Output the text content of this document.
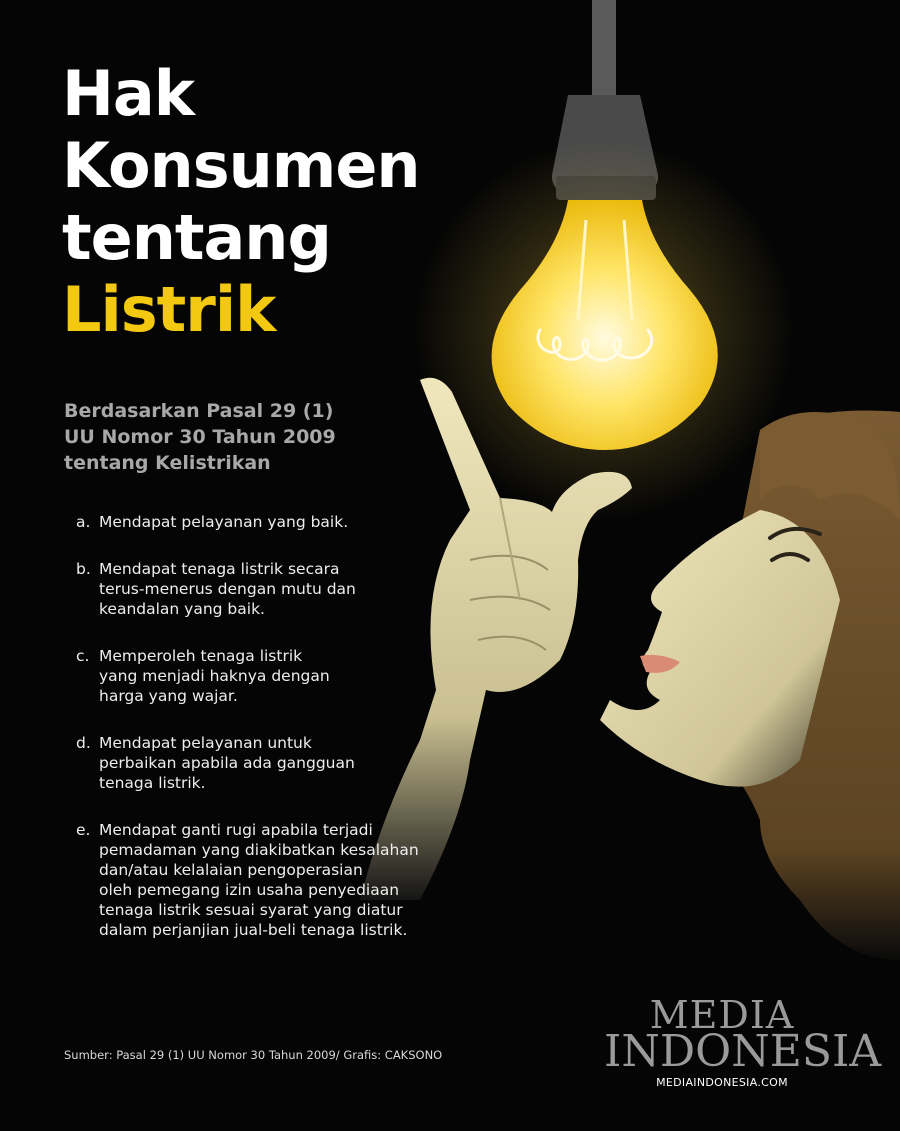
Hak
Konsumen
tentang
Listrik

Berdasarkan Pasal 29 (1)
UU Nomor 30 Tahun 2009
tentang Kelistrikan

a. Mendapat pelayanan yang baik.
b. Mendapat tenaga listrik secara
terus-menerus dengan mutu dan
keandalan yang baik.
c. Memperoleh tenaga listrik
yang menjadi haknya dengan
harga yang wajar.
d. Mendapat pelayanan untuk
perbaikan apabila ada gangguan
tenaga listrik.
e. Mendapat ganti rugi apabila terjadi
pemadaman yang diakibatkan kesalahan
dan/atau kelalaian pengoperasian
oleh pemegang izin usaha penyediaan
tenaga listrik sesuai syarat yang diatur
dalam perjanjian jual-beli tenaga listrik.
Sumber: Pasal 29 (1) UU Nomor 30 Tahun 2009/ Grafis: CAKSONO
MEDIA
INDONESIA
MEDIAINDONESIA.COM
